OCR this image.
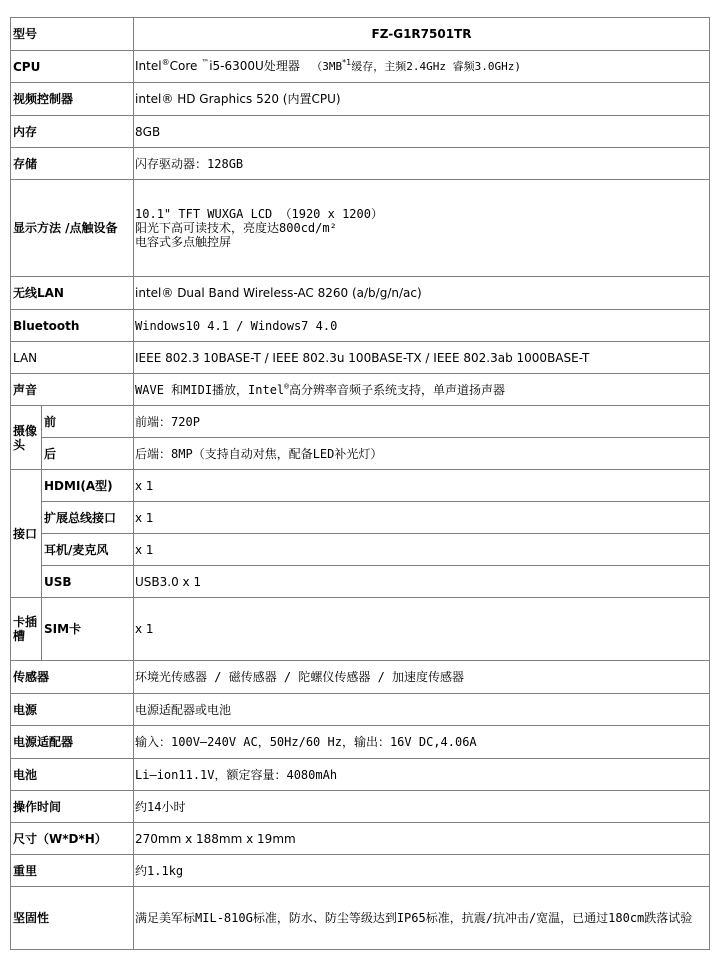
型号		FZ-G1R7501TR
CPU		Intel®Core ™i5-6300U处理器 （3MB$^{*1}$缓存，主频2.4GHz 睿频3.0GHz)
视频控制器		intel® HD Graphics 520 (内置CPU)
内存		8GB
存储		闪存驱动器：128GB
显示方法 /点触设备		10.1" TFT WUXGA LCD （1920 x 1200）
阳光下高可读技术，亮度达800cd/m²
电容式多点触控屏

无线LAN		intel® Dual Band Wireless-AC 8260 (a/b/g/n/ac)
Bluetooth		Windows10 4.1 / Windows7 4.0
LAN		IEEE 802.3 10BASE-T / IEEE 802.3u 100BASE-TX / IEEE 802.3ab 1000BASE-T
声音		WAVE 和MIDI播放，Intel®高分辨率音频子系统支持，单声道扬声器
摄像头	前	前端：720P
	后	后端：8MP（支持自动对焦，配备LED补光灯）
接口	HDMI(A型)	x 1
	扩展总线接口	x 1
	耳机/麦克风	x 1
	USB	USB3.0 x 1
卡插槽	SIM卡	x 1
传感器		环境光传感器 / 磁传感器 / 陀螺仪传感器 / 加速度传感器
电源		电源适配器或电池
电源适配器		输入：100V—240V AC，50Hz/60 Hz，输出：16V DC,4.06A
电池		Li—ion11.1V，额定容量：4080mAh
操作时间		约14小时
尺寸（W*D*H）		270mm x 188mm x 19mm
重里		约1.1kg
坚固性		满足美军标MIL-810G标准，防水、防尘等级达到IP65标准，抗震/抗冲击/宽温，已通过180cm跌落试验
